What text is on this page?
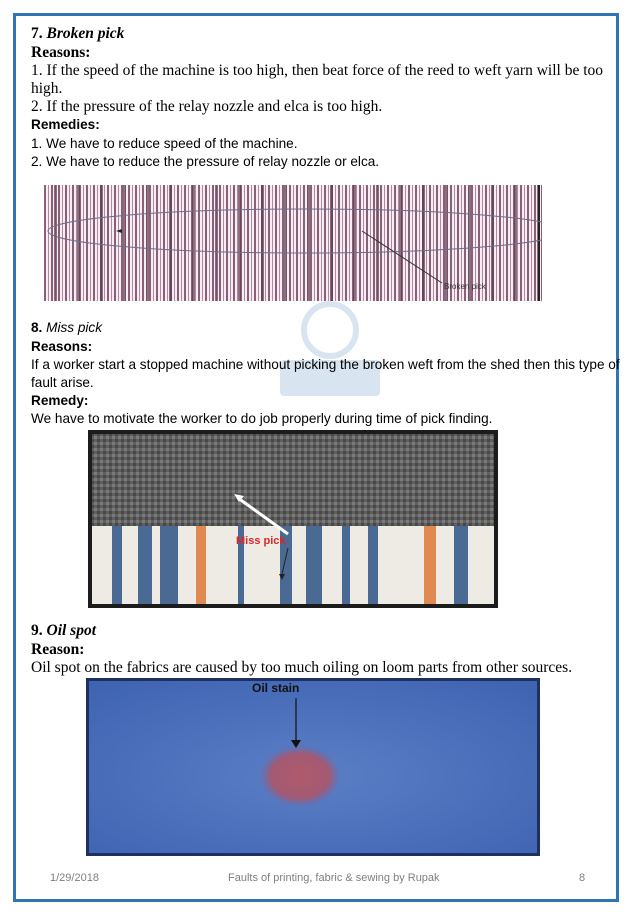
7. Broken pick
Reasons:
1. If the speed of the machine is too high, then beat force of the reed to weft yarn will be too
high.
2. If the pressure of the relay nozzle and elca is too high.
Remedies:
1. We have to reduce speed of the machine.
2. We have to reduce the pressure of relay nozzle or elca.
Broken pick
8. Miss pick
Reasons:
If a worker start a stopped machine without picking the broken weft from the shed then this type of
fault arise.
Remedy:
We have to motivate the worker to do job properly during time of pick finding.
Miss pick
9. Oil spot
Reason:
Oil spot on the fabrics are caused by too much oiling on loom parts from other sources.
Oil stain
1/29/2018	Faults of printing, fabric & sewing by Rupak	8
